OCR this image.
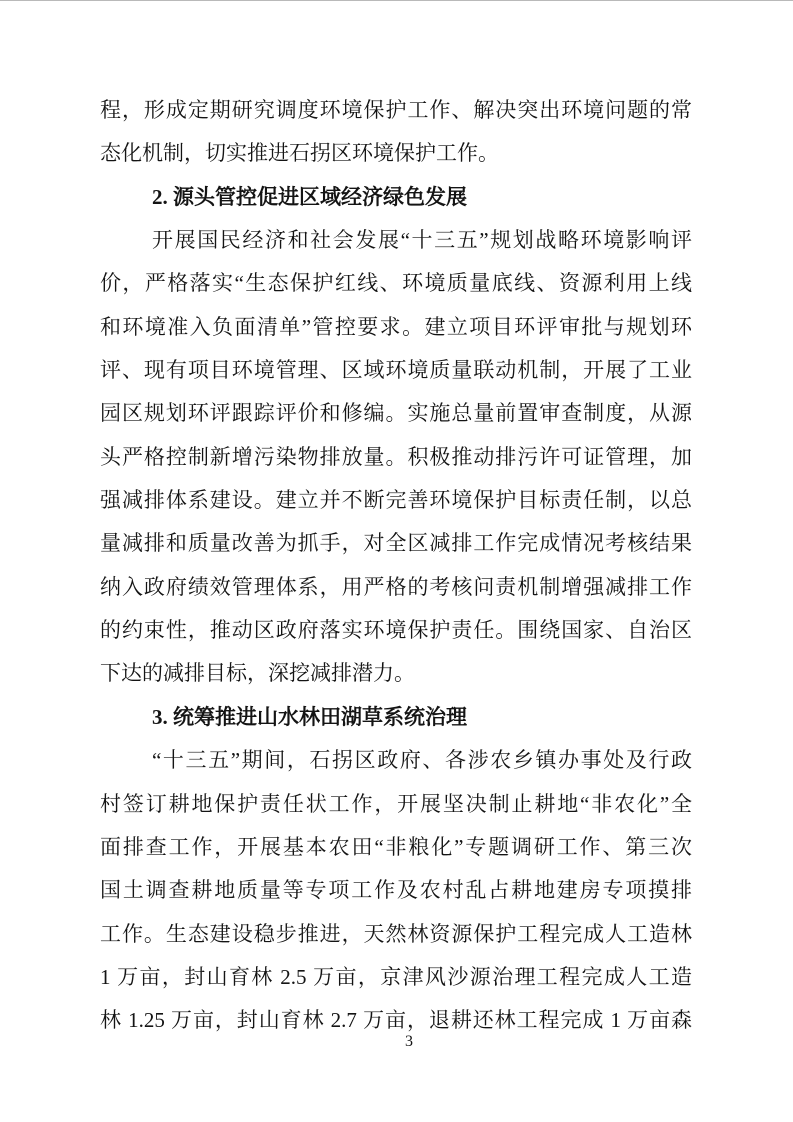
程，形成定期研究调度环境保护工作、解决突出环境问题的常
态化机制，切实推进石拐区环境保护工作。
2. 源头管控促进区域经济绿色发展
开展国民经济和社会发展“十三五”规划战略环境影响评
价，严格落实“生态保护红线、环境质量底线、资源利用上线
和环境准入负面清单”管控要求。建立项目环评审批与规划环
评、现有项目环境管理、区域环境质量联动机制，开展了工业
园区规划环评跟踪评价和修编。实施总量前置审查制度，从源
头严格控制新增污染物排放量。积极推动排污许可证管理，加
强减排体系建设。建立并不断完善环境保护目标责任制，以总
量减排和质量改善为抓手，对全区减排工作完成情况考核结果
纳入政府绩效管理体系，用严格的考核问责机制增强减排工作
的约束性，推动区政府落实环境保护责任。围绕国家、自治区
下达的减排目标，深挖减排潜力。
3. 统筹推进山水林田湖草系统治理
“十三五”期间，石拐区政府、各涉农乡镇办事处及行政
村签订耕地保护责任状工作，开展坚决制止耕地“非农化”全
面排查工作，开展基本农田“非粮化”专题调研工作、第三次
国土调查耕地质量等专项工作及农村乱占耕地建房专项摸排
工作。生态建设稳步推进，天然林资源保护工程完成人工造林
1 万亩，封山育林 2.5 万亩，京津风沙源治理工程完成人工造
林 1.25 万亩，封山育林 2.7 万亩，退耕还林工程完成 1 万亩森
3
